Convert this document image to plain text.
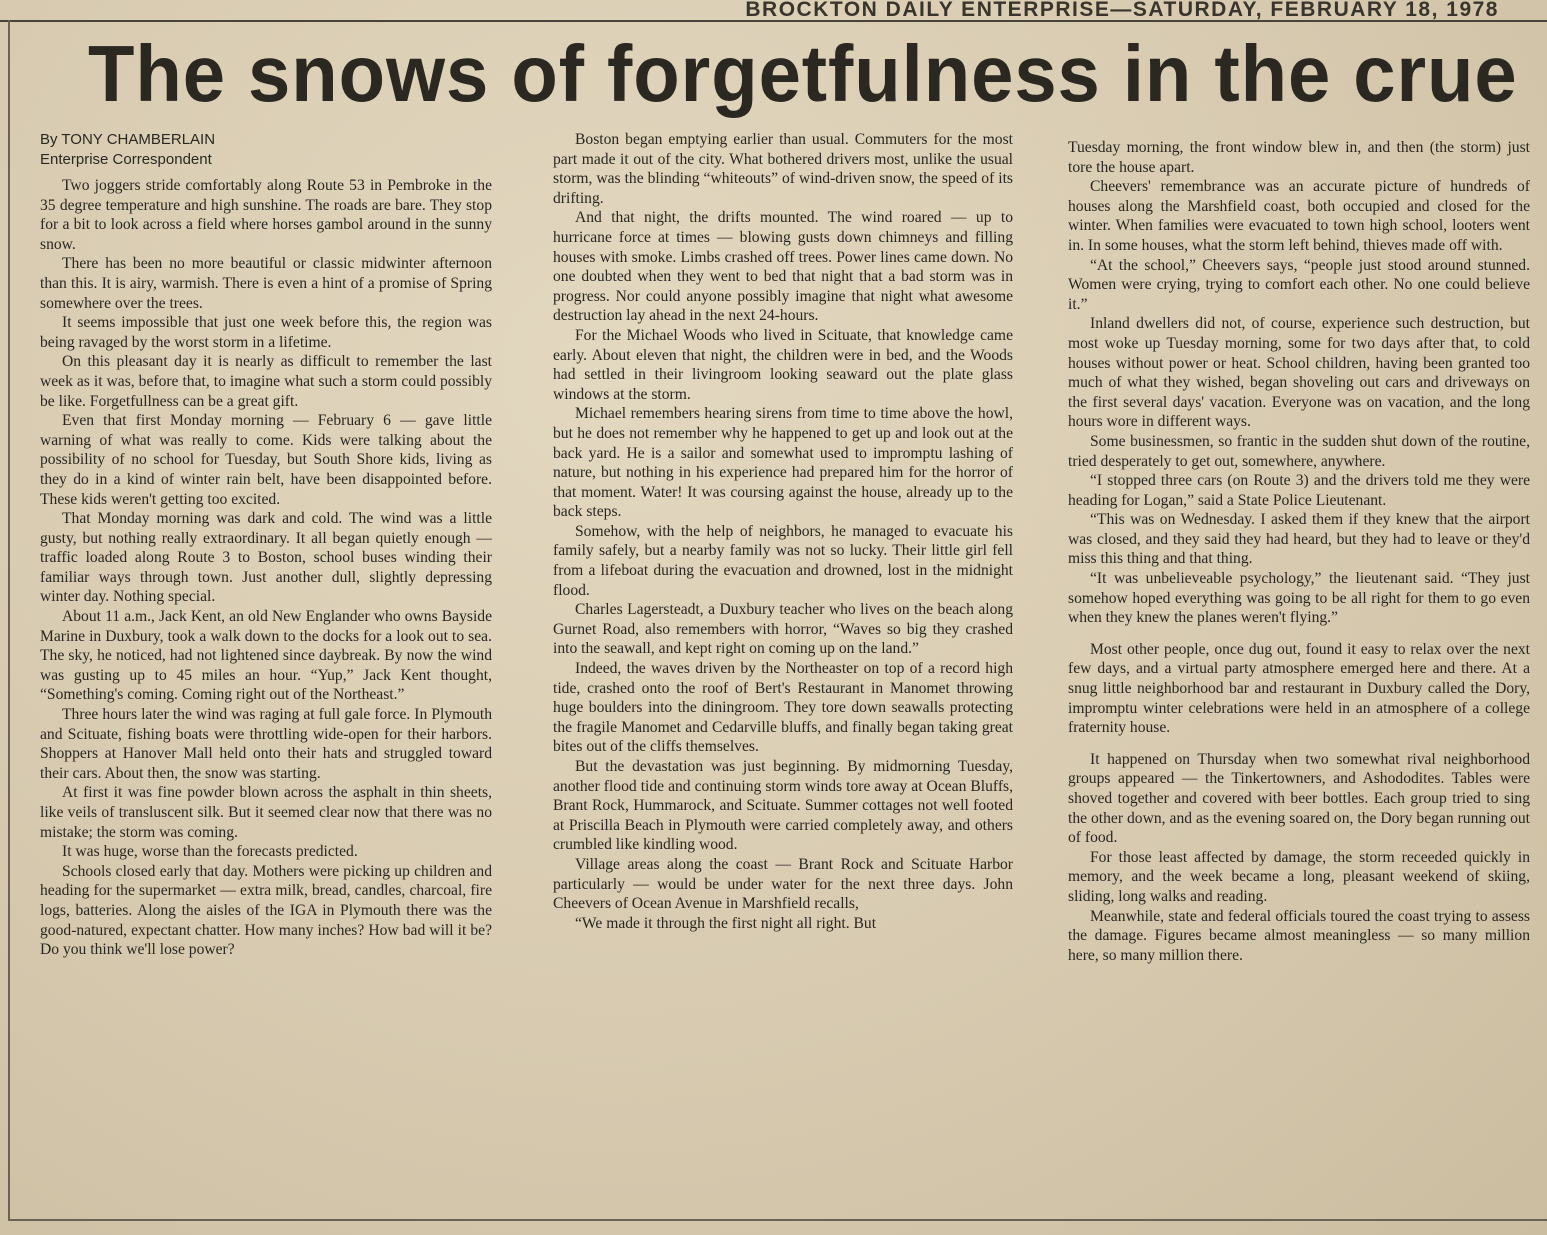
BROCKTON DAILY ENTERPRISE—SATURDAY, FEBRUARY 18, 1978
The snows of forgetfulness in the crue
By TONY CHAMBERLAIN
Enterprise Correspondent

Two joggers stride comfortably along Route 53 in Pembroke in the 35 degree temperature and high sunshine. The roads are bare. They stop for a bit to look across a field where horses gambol around in the sunny snow.

There has been no more beautiful or classic midwinter afternoon than this. It is airy, warmish. There is even a hint of a promise of Spring somewhere over the trees.

It seems impossible that just one week before this, the region was being ravaged by the worst storm in a lifetime.

On this pleasant day it is nearly as difficult to remember the last week as it was, before that, to imagine what such a storm could possibly be like. Forgetfullness can be a great gift.

Even that first Monday morning — February 6 — gave little warning of what was really to come. Kids were talking about the possibility of no school for Tuesday, but South Shore kids, living as they do in a kind of winter rain belt, have been disappointed before. These kids weren't getting too excited.

That Monday morning was dark and cold. The wind was a little gusty, but nothing really extraordinary. It all began quietly enough — traffic loaded along Route 3 to Boston, school buses winding their familiar ways through town. Just another dull, slightly depressing winter day. Nothing special.

About 11 a.m., Jack Kent, an old New Englander who owns Bayside Marine in Duxbury, took a walk down to the docks for a look out to sea. The sky, he noticed, had not lightened since daybreak. By now the wind was gusting up to 45 miles an hour. “Yup,” Jack Kent thought, “Something's coming. Coming right out of the Northeast.”

Three hours later the wind was raging at full gale force. In Plymouth and Scituate, fishing boats were throttling wide-open for their harbors. Shoppers at Hanover Mall held onto their hats and struggled toward their cars. About then, the snow was starting.

At first it was fine powder blown across the asphalt in thin sheets, like veils of transluscent silk. But it seemed clear now that there was no mistake; the storm was coming.

It was huge, worse than the forecasts predicted.

Schools closed early that day. Mothers were picking up children and heading for the supermarket — extra milk, bread, candles, charcoal, fire logs, batteries. Along the aisles of the IGA in Plymouth there was the good-natured, expectant chatter. How many inches? How bad will it be? Do you think we'll lose power?

Boston began emptying earlier than usual. Commuters for the most part made it out of the city. What bothered drivers most, unlike the usual storm, was the blinding “whiteouts” of wind-driven snow, the speed of its drifting.

And that night, the drifts mounted. The wind roared — up to hurricane force at times — blowing gusts down chimneys and filling houses with smoke. Limbs crashed off trees. Power lines came down. No one doubted when they went to bed that night that a bad storm was in progress. Nor could anyone possibly imagine that night what awesome destruction lay ahead in the next 24-hours.

For the Michael Woods who lived in Scituate, that knowledge came early. About eleven that night, the children were in bed, and the Woods had settled in their livingroom looking seaward out the plate glass windows at the storm.

Michael remembers hearing sirens from time to time above the howl, but he does not remember why he happened to get up and look out at the back yard. He is a sailor and somewhat used to impromptu lashing of nature, but nothing in his experience had prepared him for the horror of that moment. Water! It was coursing against the house, already up to the back steps.

Somehow, with the help of neighbors, he managed to evacuate his family safely, but a nearby family was not so lucky. Their little girl fell from a lifeboat during the evacuation and drowned, lost in the midnight flood.

Charles Lagersteadt, a Duxbury teacher who lives on the beach along Gurnet Road, also remembers with horror, “Waves so big they crashed into the seawall, and kept right on coming up on the land.”

Indeed, the waves driven by the Northeaster on top of a record high tide, crashed onto the roof of Bert's Restaurant in Manomet throwing huge boulders into the diningroom. They tore down seawalls protecting the fragile Manomet and Cedarville bluffs, and finally began taking great bites out of the cliffs themselves.

But the devastation was just beginning. By midmorning Tuesday, another flood tide and continuing storm winds tore away at Ocean Bluffs, Brant Rock, Hummarock, and Scituate. Summer cottages not well footed at Priscilla Beach in Plymouth were carried completely away, and others crumbled like kindling wood.

Village areas along the coast — Brant Rock and Scituate Harbor particularly — would be under water for the next three days. John Cheevers of Ocean Avenue in Marshfield recalls,

“We made it through the first night all right. But

Tuesday morning, the front window blew in, and then (the storm) just tore the house apart.

Cheevers' remembrance was an accurate picture of hundreds of houses along the Marshfield coast, both occupied and closed for the winter. When families were evacuated to town high school, looters went in. In some houses, what the storm left behind, thieves made off with.

“At the school,” Cheevers says, “people just stood around stunned. Women were crying, trying to comfort each other. No one could believe it.”

Inland dwellers did not, of course, experience such destruction, but most woke up Tuesday morning, some for two days after that, to cold houses without power or heat. School children, having been granted too much of what they wished, began shoveling out cars and driveways on the first several days' vacation. Everyone was on vacation, and the long hours wore in different ways.

Some businessmen, so frantic in the sudden shut down of the routine, tried desperately to get out, somewhere, anywhere.

“I stopped three cars (on Route 3) and the drivers told me they were heading for Logan,” said a State Police Lieutenant.

“This was on Wednesday. I asked them if they knew that the airport was closed, and they said they had heard, but they had to leave or they'd miss this thing and that thing.

“It was unbelieveable psychology,” the lieutenant said. “They just somehow hoped everything was going to be all right for them to go even when they knew the planes weren't flying.”

Most other people, once dug out, found it easy to relax over the next few days, and a virtual party atmosphere emerged here and there. At a snug little neighborhood bar and restaurant in Duxbury called the Dory, impromptu winter celebrations were held in an atmosphere of a college fraternity house.

It happened on Thursday when two somewhat rival neighborhood groups appeared — the Tinkertowners, and Ashododites. Tables were shoved together and covered with beer bottles. Each group tried to sing the other down, and as the evening soared on, the Dory began running out of food.

For those least affected by damage, the storm receeded quickly in memory, and the week became a long, pleasant weekend of skiing, sliding, long walks and reading.

Meanwhile, state and federal officials toured the coast trying to assess the damage. Figures became almost meaningless — so many million here, so many million there.
